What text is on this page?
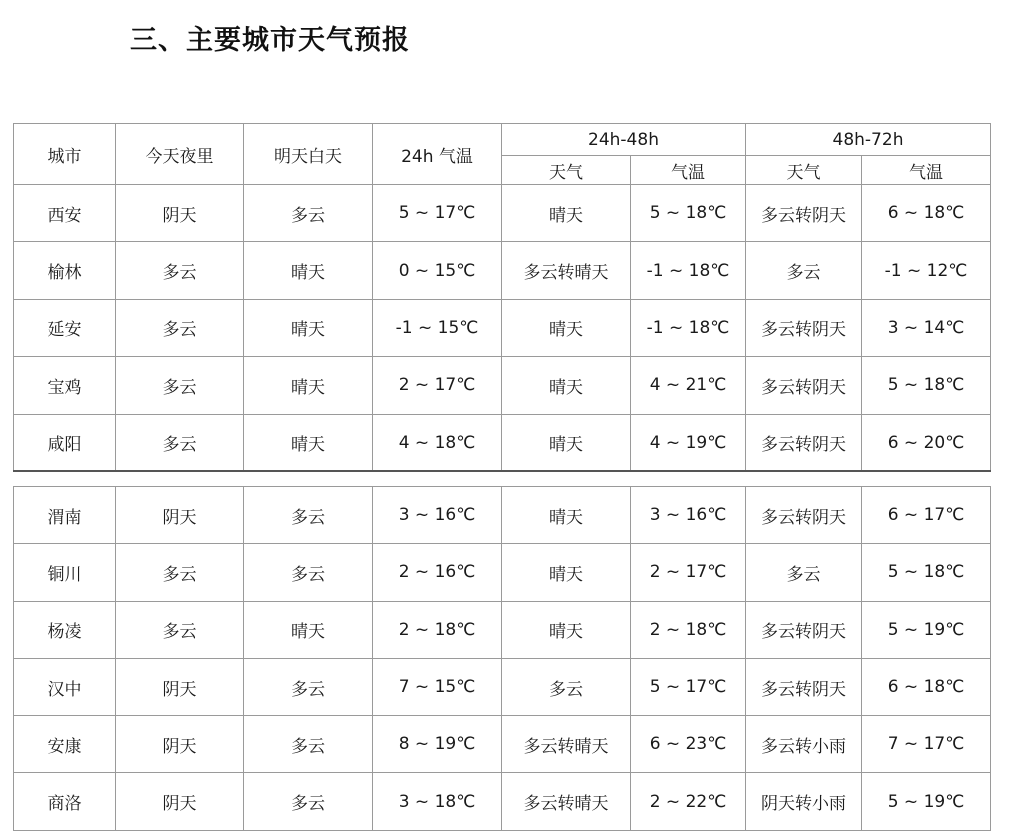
三、主要城市天气预报
城市	今天夜里	明天白天	24h 气温	24h-48h		48h-72h	
				天气	气温	天气	气温
西安	阴天	多云	5 ~ 17℃	晴天	5 ~ 18℃	多云转阴天	6 ~ 18℃
榆林	多云	晴天	0 ~ 15℃	多云转晴天	-1 ~ 18℃	多云	-1 ~ 12℃
延安	多云	晴天	-1 ~ 15℃	晴天	-1 ~ 18℃	多云转阴天	3 ~ 14℃
宝鸡	多云	晴天	2 ~ 17℃	晴天	4 ~ 21℃	多云转阴天	5 ~ 18℃
咸阳	多云	晴天	4 ~ 18℃	晴天	4 ~ 19℃	多云转阴天	6 ~ 20℃
渭南	阴天	多云	3 ~ 16℃	晴天	3 ~ 16℃	多云转阴天	6 ~ 17℃
铜川	多云	多云	2 ~ 16℃	晴天	2 ~ 17℃	多云	5 ~ 18℃
杨凌	多云	晴天	2 ~ 18℃	晴天	2 ~ 18℃	多云转阴天	5 ~ 19℃
汉中	阴天	多云	7 ~ 15℃	多云	5 ~ 17℃	多云转阴天	6 ~ 18℃
安康	阴天	多云	8 ~ 19℃	多云转晴天	6 ~ 23℃	多云转小雨	7 ~ 17℃
商洛	阴天	多云	3 ~ 18℃	多云转晴天	2 ~ 22℃	阴天转小雨	5 ~ 19℃
